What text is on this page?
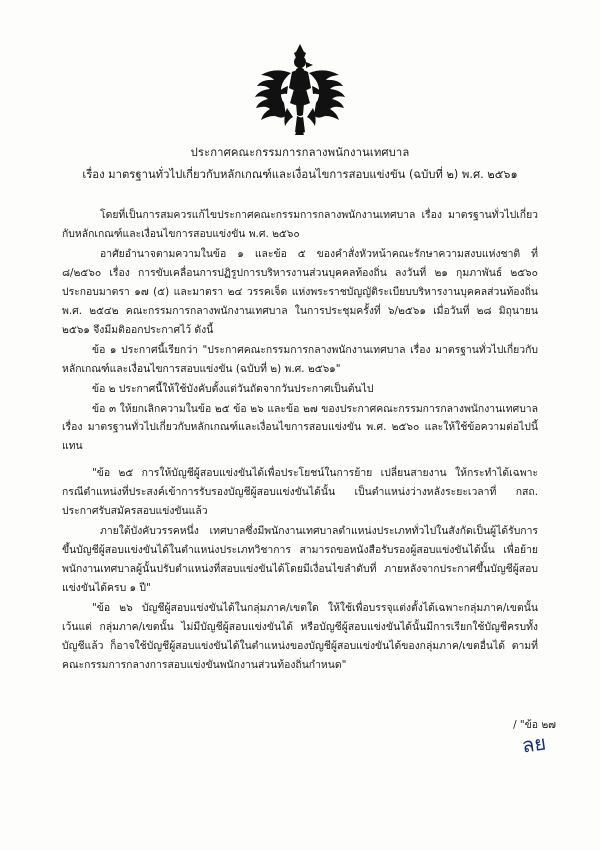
ประกาศคณะกรรมการกลางพนักงานเทศบาล
เรื่อง มาตรฐานทั่วไปเกี่ยวกับหลักเกณฑ์และเงื่อนไขการสอบแข่งขัน (ฉบับที่ ๒) พ.ศ. ๒๕๖๑

โดยที่เป็นการสมควรแก้ไขประกาศคณะกรรมการกลางพนักงานเทศบาล เรื่อง มาตรฐานทั่วไปเกี่ยวกับหลักเกณฑ์และเงื่อนไขการสอบแข่งขัน พ.ศ. ๒๕๖๐

อาศัยอำนาจตามความในข้อ ๑ และข้อ ๕ ของคำสั่งหัวหน้าคณะรักษาความสงบแห่งชาติ ที่ ๘/๒๕๖๐ เรื่อง การขับเคลื่อนการปฏิรูปการบริหารงานส่วนบุคคลท้องถิ่น ลงวันที่ ๒๑ กุมภาพันธ์ ๒๕๖๐ ประกอบมาตรา ๑๗ (๕) และมาตรา ๒๔ วรรคเจ็ด แห่งพระราชบัญญัติระเบียบบริหารงานบุคคลส่วนท้องถิ่น พ.ศ. ๒๕๔๒ คณะกรรมการกลางพนักงานเทศบาล ในการประชุมครั้งที่ ๖/๒๕๖๑ เมื่อวันที่ ๒๘ มิถุนายน ๒๕๖๑ จึงมีมติออกประกาศไว้ ดังนี้

ข้อ ๑ ประกาศนี้เรียกว่า "ประกาศคณะกรรมการกลางพนักงานเทศบาล เรื่อง มาตรฐานทั่วไปเกี่ยวกับหลักเกณฑ์และเงื่อนไขการสอบแข่งขัน (ฉบับที่ ๒) พ.ศ. ๒๕๖๑"

ข้อ ๒ ประกาศนี้ให้ใช้บังคับตั้งแต่วันถัดจากวันประกาศเป็นต้นไป

ข้อ ๓ ให้ยกเลิกความในข้อ ๒๕ ข้อ ๒๖ และข้อ ๒๗ ของประกาศคณะกรรมการกลางพนักงานเทศบาล เรื่อง มาตรฐานทั่วไปเกี่ยวกับหลักเกณฑ์และเงื่อนไขการสอบแข่งขัน พ.ศ. ๒๕๖๐ และให้ใช้ข้อความต่อไปนี้แทน

"ข้อ ๒๕ การให้บัญชีผู้สอบแข่งขันได้เพื่อประโยชน์ในการย้าย เปลี่ยนสายงาน ให้กระทำได้เฉพาะกรณีตำแหน่งที่ประสงค์เข้าการรับรองบัญชีผู้สอบแข่งขันได้นั้น เป็นตำแหน่งว่างหลังระยะเวลาที่ กสถ. ประกาศรับสมัครสอบแข่งขันแล้ว

ภายใต้บังคับวรรคหนึ่ง เทศบาลซึ่งมีพนักงานเทศบาลตำแหน่งประเภททั่วไปในสังกัดเป็นผู้ได้รับการขึ้นบัญชีผู้สอบแข่งขันได้ในตำแหน่งประเภทวิชาการ สามารถขอหนังสือรับรองผู้สอบแข่งขันได้นั้น เพื่อย้ายพนักงานเทศบาลผู้นั้นปรับตำแหน่งที่สอบแข่งขันได้โดยมีเงื่อนไขลำดับที่ ภายหลังจากประกาศขึ้นบัญชีผู้สอบแข่งขันได้ครบ ๑ ปี"

"ข้อ ๒๖ บัญชีผู้สอบแข่งขันได้ในกลุ่มภาค/เขตใด ให้ใช้เพื่อบรรจุแต่งตั้งได้เฉพาะกลุ่มภาค/เขตนั้น เว้นแต่ กลุ่มภาค/เขตนั้น ไม่มีบัญชีผู้สอบแข่งขันได้ หรือบัญชีผู้สอบแข่งขันได้นั้นมีการเรียกใช้บัญชีครบทั้งบัญชีแล้ว ก็อาจใช้บัญชีผู้สอบแข่งขันได้ในตำแหน่งของบัญชีผู้สอบแข่งขันได้ของกลุ่มภาค/เขตอื่นได้ ตามที่คณะกรรมการกลางการสอบแข่งขันพนักงานส่วนท้องถิ่นกำหนด"

/ "ข้อ ๒๗
ลย
